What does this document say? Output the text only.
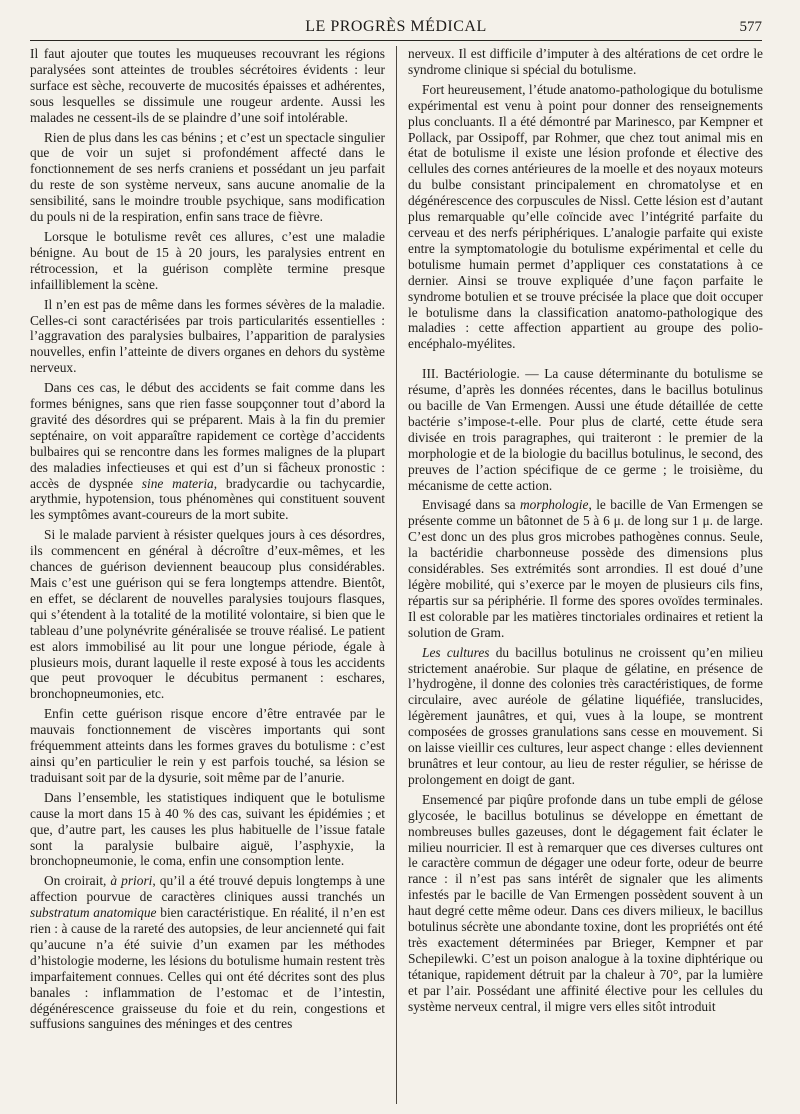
LE PROGRÈS MÉDICAL	577

Il faut ajouter que toutes les muqueuses recouvrant les régions paralysées sont atteintes de troubles sécrétoires évidents : leur surface est sèche, recouverte de mucosités épaisses et adhérentes, sous lesquelles se dissimule une rougeur ardente. Aussi les malades ne cessent-ils de se plaindre d’une soif intolérable.

Rien de plus dans les cas bénins ; et c’est un spectacle singulier que de voir un sujet si profondément affecté dans le fonctionnement de ses nerfs craniens et possédant un jeu parfait du reste de son système nerveux, sans aucune anomalie de la sensibilité, sans le moindre trouble psychique, sans modification du pouls ni de la respiration, enfin sans trace de fièvre.

Lorsque le botulisme revêt ces allures, c’est une maladie bénigne. Au bout de 15 à 20 jours, les paralysies entrent en rétrocession, et la guérison complète termine presque infailliblement la scène.

Il n’en est pas de même dans les formes sévères de la maladie. Celles-ci sont caractérisées par trois particularités essentielles : l’aggravation des paralysies bulbaires, l’apparition de paralysies nouvelles, enfin l’atteinte de divers organes en dehors du système nerveux.

Dans ces cas, le début des accidents se fait comme dans les formes bénignes, sans que rien fasse soupçonner tout d’abord la gravité des désordres qui se préparent. Mais à la fin du premier septénaire, on voit apparaître rapidement ce cortège d’accidents bulbaires qui se rencontre dans les formes malignes de la plupart des maladies infectieuses et qui est d’un si fâcheux pronostic : accès de dyspnée sine materia, bradycardie ou tachycardie, arythmie, hypotension, tous phénomènes qui constituent souvent les symptômes avant-coureurs de la mort subite.

Si le malade parvient à résister quelques jours à ces désordres, ils commencent en général à décroître d’eux-mêmes, et les chances de guérison deviennent beaucoup plus considérables. Mais c’est une guérison qui se fera longtemps attendre. Bientôt, en effet, se déclarent de nouvelles paralysies toujours flasques, qui s’étendent à la totalité de la motilité volontaire, si bien que le tableau d’une polynévrite généralisée se trouve réalisé. Le patient est alors immobilisé au lit pour une longue période, égale à plusieurs mois, durant laquelle il reste exposé à tous les accidents que peut provoquer le décubitus permanent : eschares, bronchopneumonies, etc.

Enfin cette guérison risque encore d’être entravée par le mauvais fonctionnement de viscères importants qui sont fréquemment atteints dans les formes graves du botulisme : c’est ainsi qu’en particulier le rein y est parfois touché, sa lésion se traduisant soit par de la dysurie, soit même par de l’anurie.

Dans l’ensemble, les statistiques indiquent que le botulisme cause la mort dans 15 à 40 % des cas, suivant les épidémies ; et que, d’autre part, les causes les plus habituelle de l’issue fatale sont la paralysie bulbaire aiguë, l’asphyxie, la bronchopneumonie, le coma, enfin une consomption lente.

On croirait, à priori, qu’il a été trouvé depuis longtemps à une affection pourvue de caractères cliniques aussi tranchés un substratum anatomique bien caractéristique. En réalité, il n’en est rien : à cause de la rareté des autopsies, de leur ancienneté qui fait qu’aucune n’a été suivie d’un examen par les méthodes d’histologie moderne, les lésions du botulisme humain restent très imparfaitement connues. Celles qui ont été décrites sont des plus banales : inflammation de l’estomac et de l’intestin, dégénérescence graisseuse du foie et du rein, congestions et suffusions sanguines des méninges et des centres

nerveux. Il est difficile d’imputer à des altérations de cet ordre le syndrome clinique si spécial du botulisme.

Fort heureusement, l’étude anatomo-pathologique du botulisme expérimental est venu à point pour donner des renseignements plus concluants. Il a été démontré par Marinesco, par Kempner et Pollack, par Ossipoff, par Rohmer, que chez tout animal mis en état de botulisme il existe une lésion profonde et élective des cellules des cornes antérieures de la moelle et des noyaux moteurs du bulbe consistant principalement en chromatolyse et en dégénérescence des corpuscules de Nissl. Cette lésion est d’autant plus remarquable qu’elle coïncide avec l’intégrité parfaite du cerveau et des nerfs périphériques. L’analogie parfaite qui existe entre la symptomatologie du botulisme expérimental et celle du botulisme humain permet d’appliquer ces constatations à ce dernier. Ainsi se trouve expliquée d’une façon parfaite le syndrome botulien et se trouve précisée la place que doit occuper le botulisme dans la classification anatomo-pathologique des maladies : cette affection appartient au groupe des polio-encéphalo-myélites.

III. Bactériologie. — La cause déterminante du botulisme se résume, d’après les données récentes, dans le bacillus botulinus ou bacille de Van Ermengen. Aussi une étude détaillée de cette bactérie s’impose-t-elle. Pour plus de clarté, cette étude sera divisée en trois paragraphes, qui traiteront : le premier de la morphologie et de la biologie du bacillus botulinus, le second, des preuves de l’action spécifique de ce germe ; le troisième, du mécanisme de cette action.

Envisagé dans sa morphologie, le bacille de Van Ermengen se présente comme un bâtonnet de 5 à 6 μ. de long sur 1 μ. de large. C’est donc un des plus gros microbes pathogènes connus. Seule, la bactéridie charbonneuse possède des dimensions plus considérables. Ses extrémités sont arrondies. Il est doué d’une légère mobilité, qui s’exerce par le moyen de plusieurs cils fins, répartis sur sa périphérie. Il forme des spores ovoïdes terminales. Il est colorable par les matières tinctoriales ordinaires et retient la solution de Gram.

Les cultures du bacillus botulinus ne croissent qu’en milieu strictement anaérobie. Sur plaque de gélatine, en présence de l’hydrogène, il donne des colonies très caractéristiques, de forme circulaire, avec auréole de gélatine liquéfiée, translucides, légèrement jaunâtres, et qui, vues à la loupe, se montrent composées de grosses granulations sans cesse en mouvement. Si on laisse vieillir ces cultures, leur aspect change : elles deviennent brunâtres et leur contour, au lieu de rester régulier, se hérisse de prolongement en doigt de gant.

Ensemencé par piqûre profonde dans un tube empli de gélose glycosée, le bacillus botulinus se développe en émettant de nombreuses bulles gazeuses, dont le dégagement fait éclater le milieu nourricier. Il est à remarquer que ces diverses cultures ont le caractère commun de dégager une odeur forte, odeur de beurre rance : il n’est pas sans intérêt de signaler que les aliments infestés par le bacille de Van Ermengen possèdent souvent à un haut degré cette même odeur. Dans ces divers milieux, le bacillus botulinus sécrète une abondante toxine, dont les propriétés ont été très exactement déterminées par Brieger, Kempner et par Schepilewki. C’est un poison analogue à la toxine diphtérique ou tétanique, rapidement détruit par la chaleur à 70°, par la lumière et par l’air. Possédant une affinité élective pour les cellules du système nerveux central, il migre vers elles sitôt introduit
